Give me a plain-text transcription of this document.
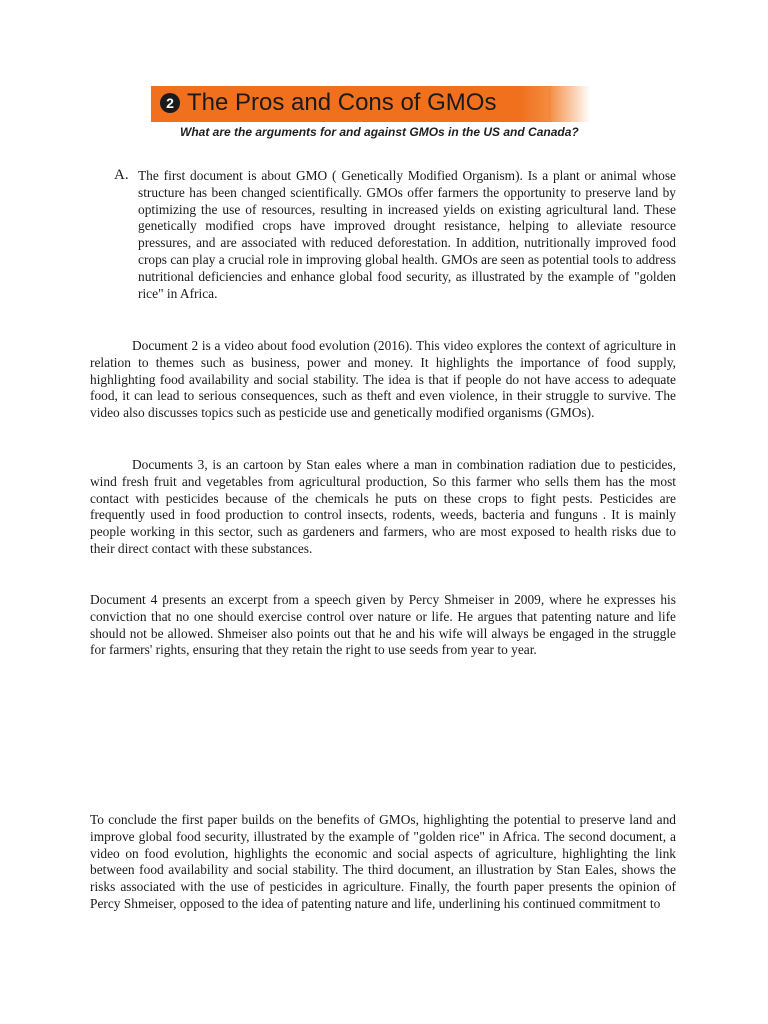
2 The Pros and Cons of GMOs
What are the arguments for and against GMOs in the US and Canada?
A. The first document is about GMO ( Genetically Modified Organism). Is a plant or animal whose structure has been changed scientifically. GMOs offer farmers the opportunity to preserve land by optimizing the use of resources, resulting in increased yields on existing agricultural land. These genetically modified crops have improved drought resistance, helping to alleviate resource pressures, and are associated with reduced deforestation. In addition, nutritionally improved food crops can play a crucial role in improving global health. GMOs are seen as potential tools to address nutritional deficiencies and enhance global food security, as illustrated by the example of "golden rice" in Africa.

Document 2 is a video about food evolution (2016). This video explores the context of agriculture in relation to themes such as business, power and money. It highlights the importance of food supply, highlighting food availability and social stability. The idea is that if people do not have access to adequate food, it can lead to serious consequences, such as theft and even violence, in their struggle to survive. The video also discusses topics such as pesticide use and genetically modified organisms (GMOs).

Documents 3, is an cartoon by Stan eales where a man in combination radiation due to pesticides, wind fresh fruit and vegetables from agricultural production, So this farmer who sells them has the most contact with pesticides because of the chemicals he puts on these crops to fight pests. Pesticides are frequently used in food production to control insects, rodents, weeds, bacteria and funguns . It is mainly people working in this sector, such as gardeners and farmers, who are most exposed to health risks due to their direct contact with these substances.

Document 4 presents an excerpt from a speech given by Percy Shmeiser in 2009, where he expresses his conviction that no one should exercise control over nature or life. He argues that patenting nature and life should not be allowed. Shmeiser also points out that he and his wife will always be engaged in the struggle for farmers' rights, ensuring that they retain the right to use seeds from year to year.

To conclude the first paper builds on the benefits of GMOs, highlighting the potential to preserve land and improve global food security, illustrated by the example of "golden rice" in Africa. The second document, a video on food evolution, highlights the economic and social aspects of agriculture, highlighting the link between food availability and social stability. The third document, an illustration by Stan Eales, shows the risks associated with the use of pesticides in agriculture. Finally, the fourth paper presents the opinion of Percy Shmeiser, opposed to the idea of patenting nature and life, underlining his continued commitment to
